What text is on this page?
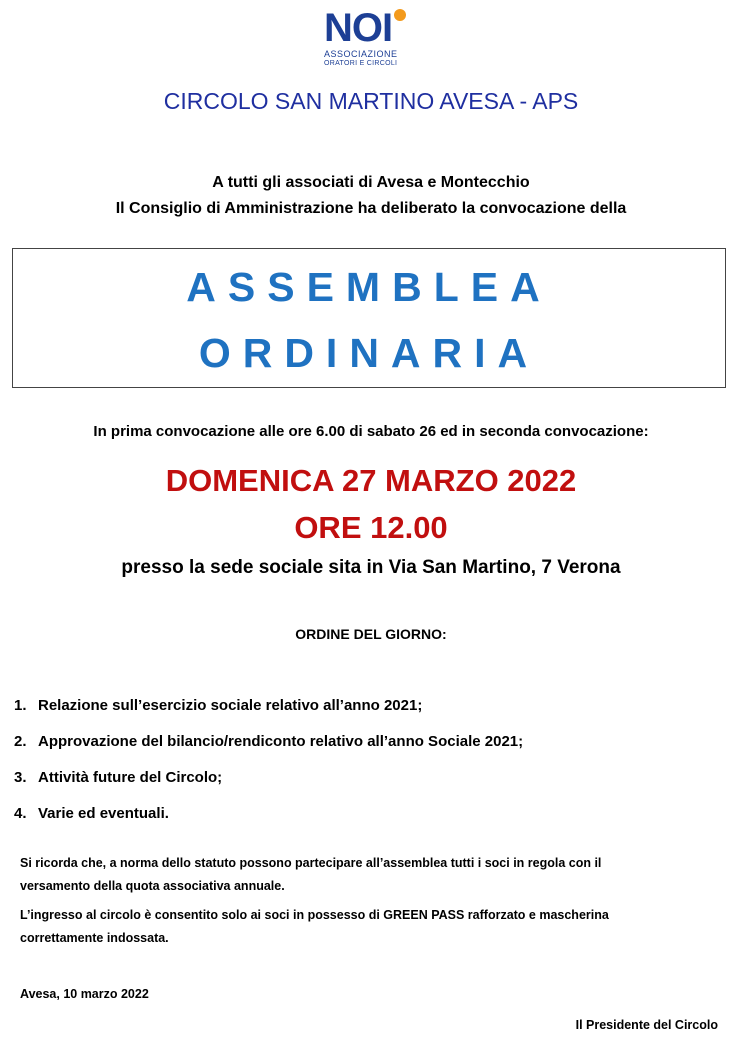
NOI
ASSOCIAZIONE
ORATORI E CIRCOLI
CIRCOLO SAN MARTINO AVESA - APS
A tutti gli associati di Avesa e Montecchio
Il Consiglio di Amministrazione ha deliberato la convocazione della
ASSEMBLEA
ORDINARIA
In prima convocazione alle ore 6.00 di sabato 26 ed in seconda convocazione:
DOMENICA 27 MARZO 2022
ORE 12.00
presso la sede sociale sita in Via San Martino, 7 Verona
ORDINE DEL GIORNO:
1. Relazione sull’esercizio sociale relativo all’anno 2021;
2. Approvazione del bilancio/rendiconto relativo all’anno Sociale 2021;
3. Attività future del Circolo;
4. Varie ed eventuali.
Si ricorda che, a norma dello statuto possono partecipare all’assemblea tutti i soci in regola con il
versamento della quota associativa annuale.
L’ingresso al circolo è consentito solo ai soci in possesso di GREEN PASS rafforzato e mascherina
correttamente indossata.
Avesa, 10 marzo 2022
Il Presidente del Circolo
